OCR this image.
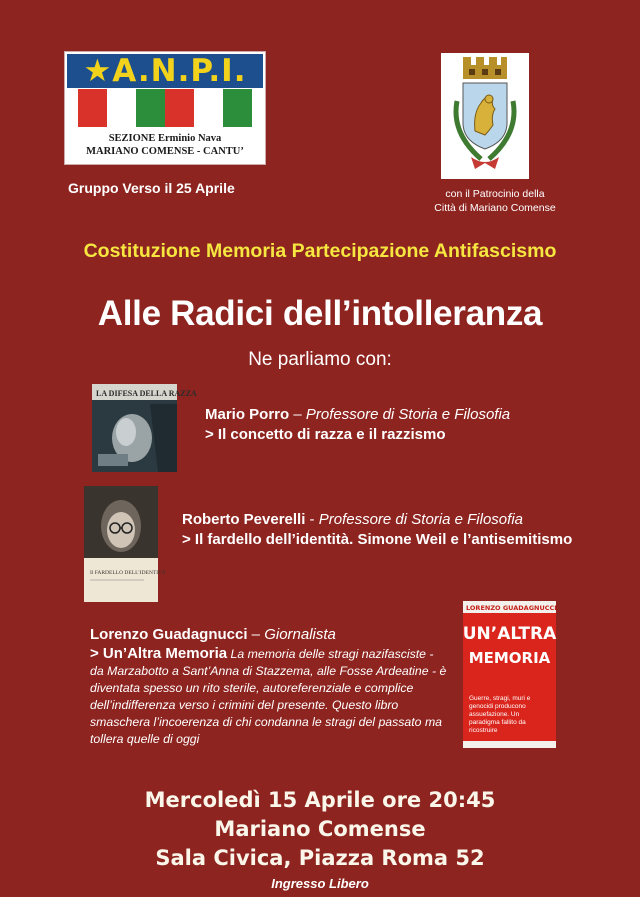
★A.N.P.I.
SEZIONE Erminio Nava
MARIANO COMENSE - CANTU’
Gruppo Verso il 25 Aprile	con il Patrocinio della
Città di Mariano Comense
Costituzione Memoria Partecipazione Antifascismo
Alle Radici dell’intolleranza
Ne parliamo con:
LA DIFESA DELLA RAZZA
Il FARDELLO DELL’IDENTITÀ
LORENZO GUADAGNUCCI
UN’ALTRA
MEMORIA
Guerre, stragi, muri e genocidi producono assuefazione. Un paradigma fallito da ricostruire
Mario Porro – Professore di Storia e Filosofia
> Il concetto di razza e il razzismo
Roberto Peverelli - Professore di Storia e Filosofia
> Il fardello dell’identità. Simone Weil e l’antisemitismo
Lorenzo Guadagnucci – Giornalista
> Un’Altra Memoria La memoria delle stragi nazifasciste - da Marzabotto a Sant’Anna di Stazzema, alle Fosse Ardeatine - è diventata spesso un rito sterile, autoreferenziale e complice dell’indifferenza verso i crimini del presente. Questo libro smaschera l’incoerenza di chi condanna le stragi del passato ma tollera quelle di oggi
Mercoledì 15 Aprile ore 20:45
Mariano Comense
Sala Civica, Piazza Roma 52
Ingresso Libero
